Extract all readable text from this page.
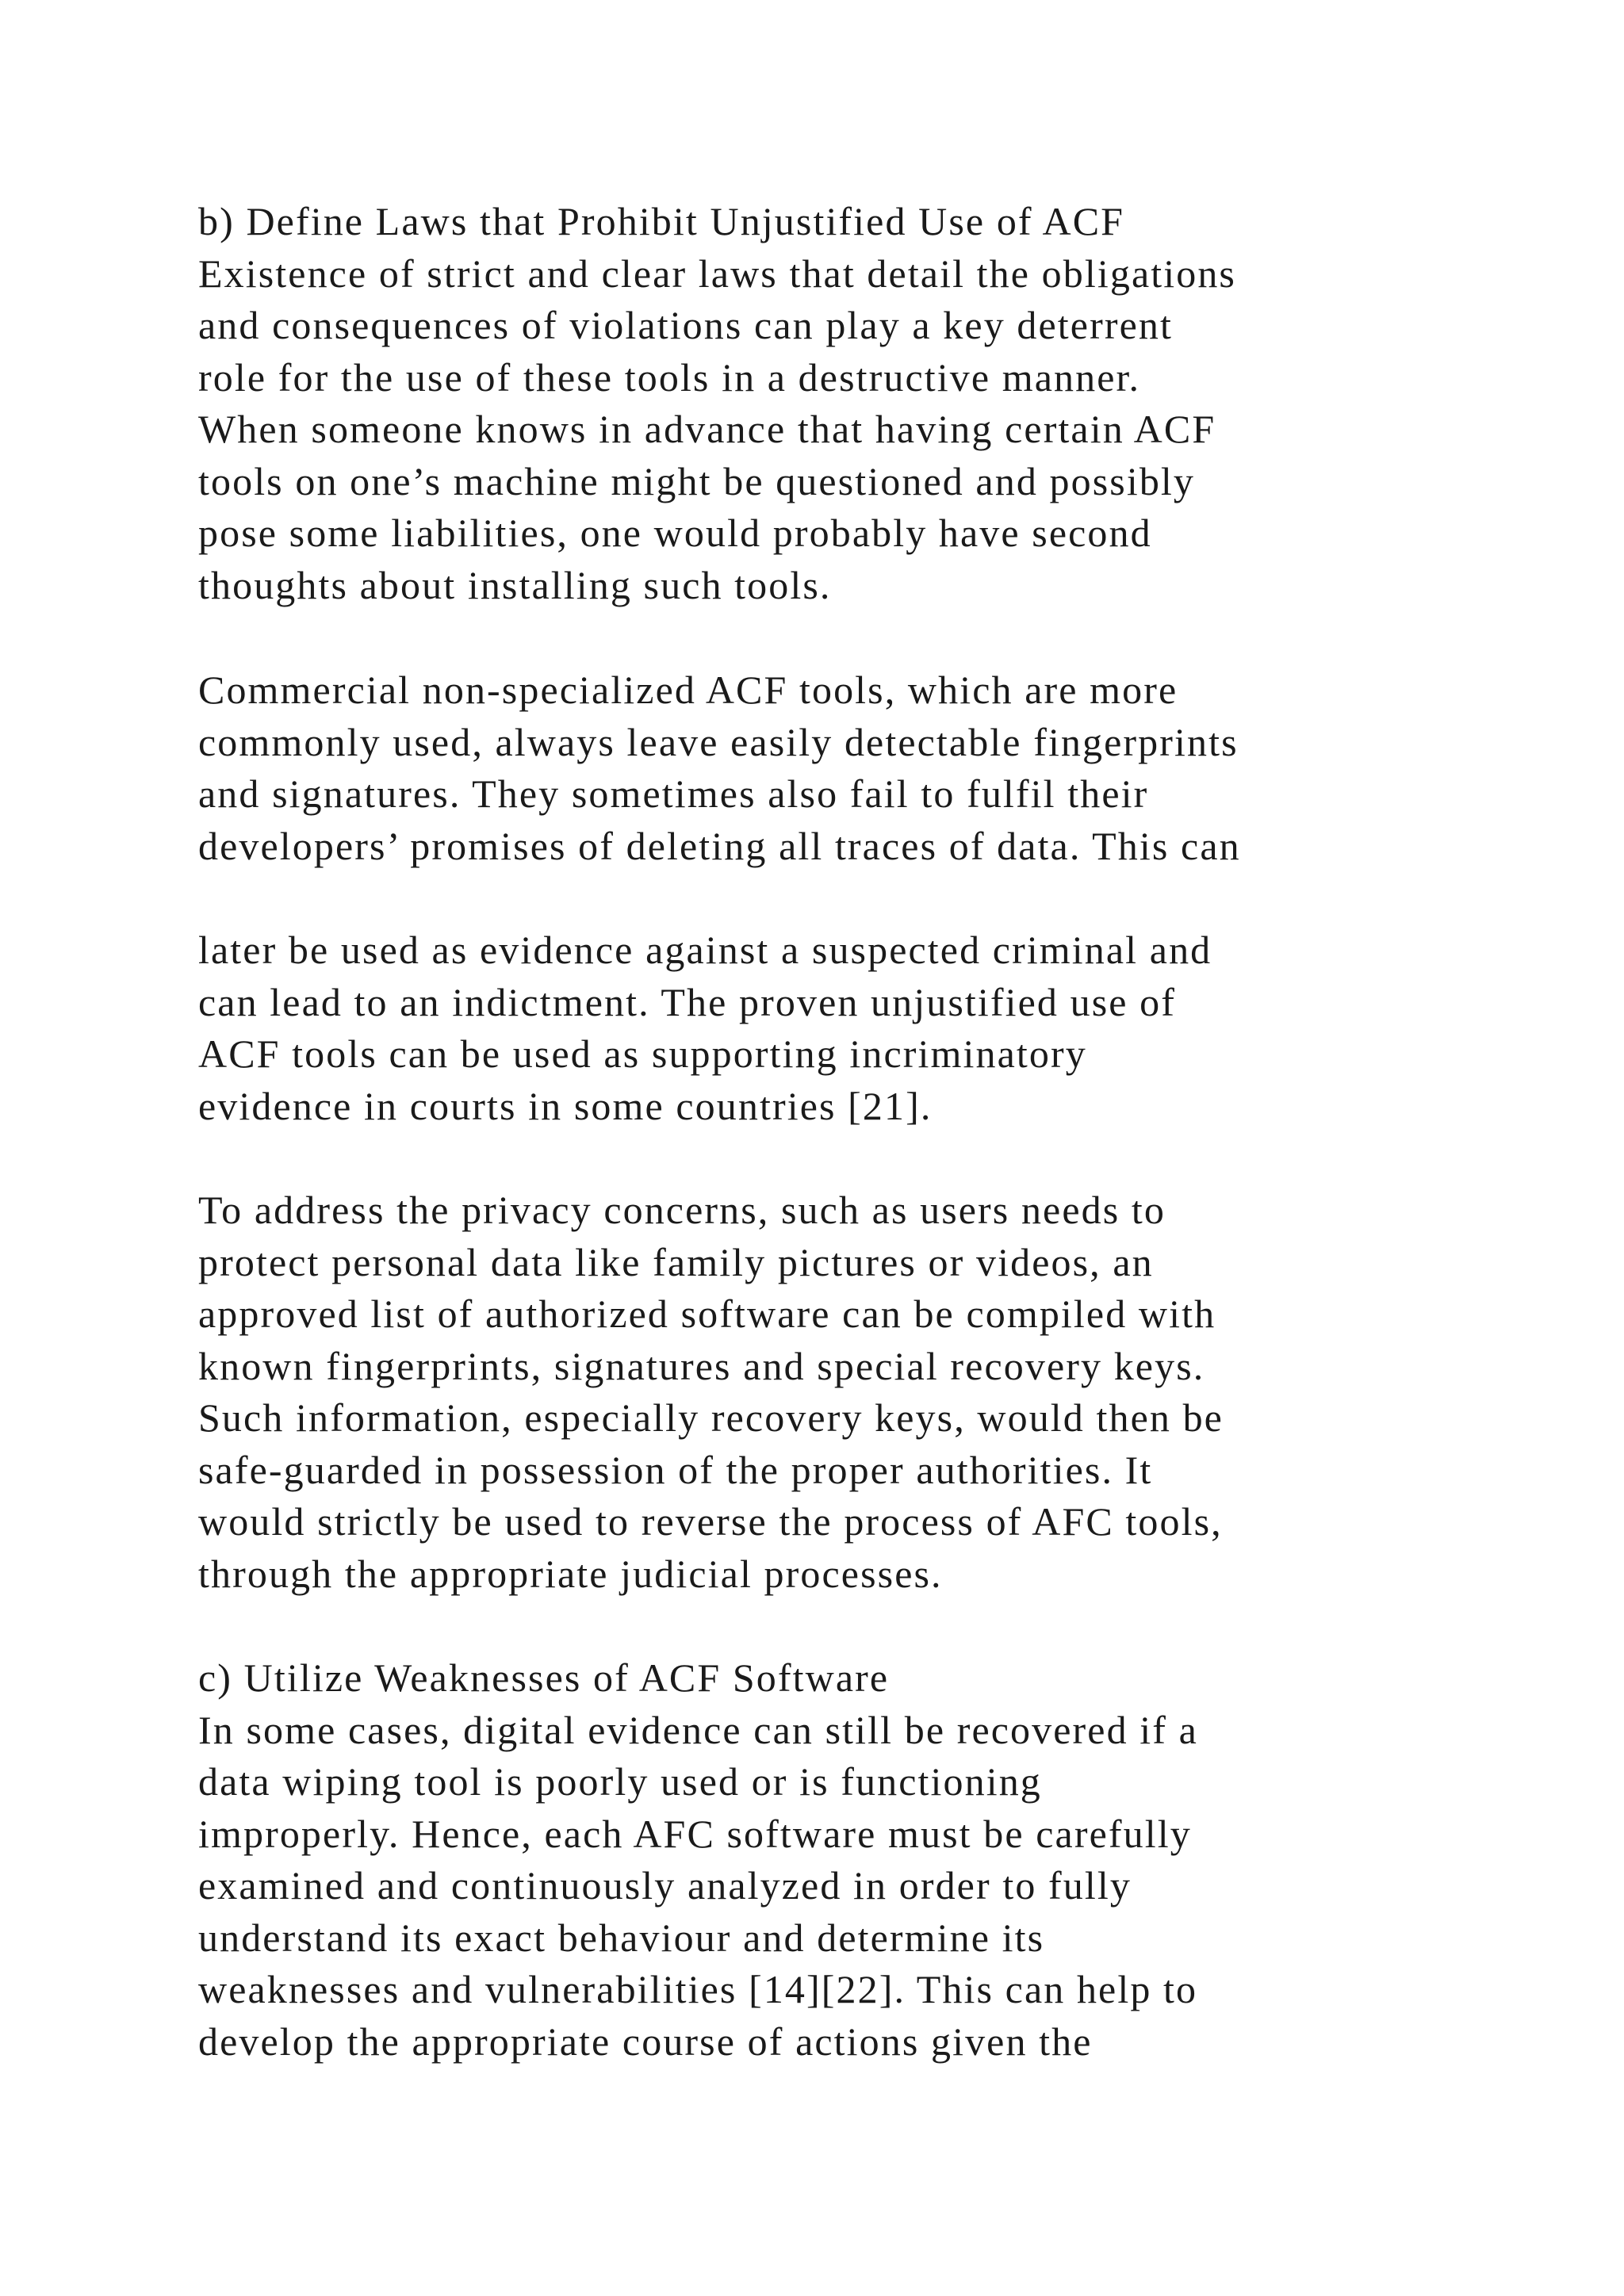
b) Define Laws that Prohibit Unjustified Use of ACF
Existence of strict and clear laws that detail the obligations
and consequences of violations can play a key deterrent
role for the use of these tools in a destructive manner.
When someone knows in advance that having certain ACF
tools on one’s machine might be questioned and possibly
pose some liabilities, one would probably have second
thoughts about installing such tools.
Commercial non-specialized ACF tools, which are more
commonly used, always leave easily detectable fingerprints
and signatures. They sometimes also fail to fulfil their
developers’ promises of deleting all traces of data. This can
later be used as evidence against a suspected criminal and
can lead to an indictment. The proven unjustified use of
ACF tools can be used as supporting incriminatory
evidence in courts in some countries [21].
To address the privacy concerns, such as users needs to
protect personal data like family pictures or videos, an
approved list of authorized software can be compiled with
known fingerprints, signatures and special recovery keys.
Such information, especially recovery keys, would then be
safe-guarded in possession of the proper authorities. It
would strictly be used to reverse the process of AFC tools,
through the appropriate judicial processes.
c) Utilize Weaknesses of ACF Software
In some cases, digital evidence can still be recovered if a
data wiping tool is poorly used or is functioning
improperly. Hence, each AFC software must be carefully
examined and continuously analyzed in order to fully
understand its exact behaviour and determine its
weaknesses and vulnerabilities [14][22]. This can help to
develop the appropriate course of actions given the
